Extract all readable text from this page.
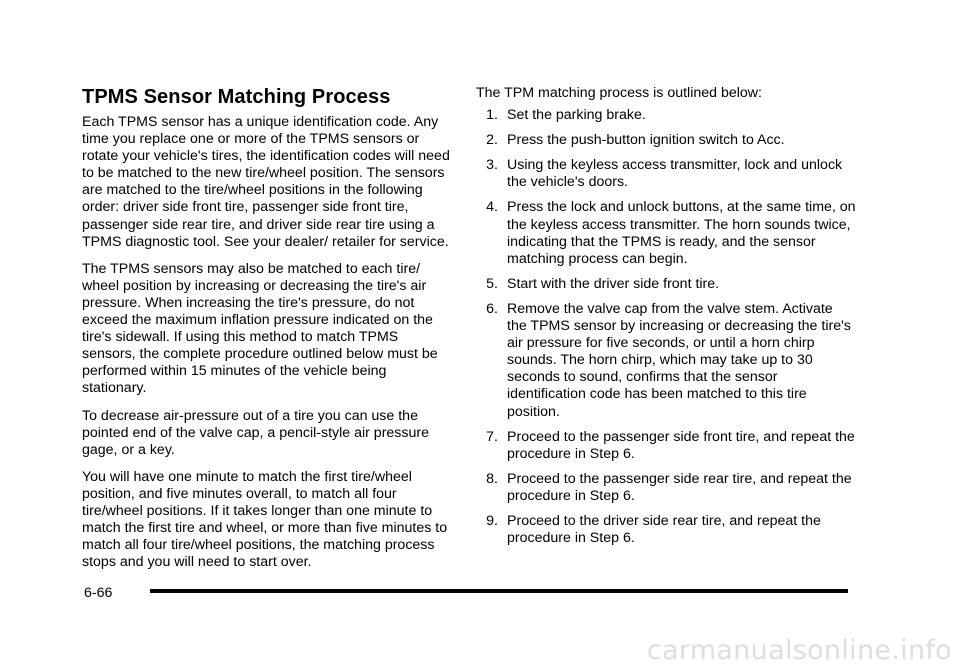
TPMS Sensor Matching Process

Each TPMS sensor has a unique identification code. Any time you replace one or more of the TPMS sensors or rotate your vehicle's tires, the identification codes will need to be matched to the new tire/wheel position. The sensors are matched to the tire/wheel positions in the following order: driver side front tire, passenger side front tire, passenger side rear tire, and driver side rear tire using a TPMS diagnostic tool. See your dealer/ retailer for service.

The TPMS sensors may also be matched to each tire/ wheel position by increasing or decreasing the tire's air pressure. When increasing the tire's pressure, do not exceed the maximum inflation pressure indicated on the tire's sidewall. If using this method to match TPMS sensors, the complete procedure outlined below must be performed within 15 minutes of the vehicle being stationary.

To decrease air-pressure out of a tire you can use the pointed end of the valve cap, a pencil-style air pressure gage, or a key.

You will have one minute to match the first tire/wheel position, and five minutes overall, to match all four tire/wheel positions. If it takes longer than one minute to match the first tire and wheel, or more than five minutes to match all four tire/wheel positions, the matching process stops and you will need to start over.

The TPM matching process is outlined below:
1. Set the parking brake.
2. Press the push-button ignition switch to Acc.
3. Using the keyless access transmitter, lock and unlock the vehicle's doors.
4. Press the lock and unlock buttons, at the same time, on the keyless access transmitter. The horn sounds twice, indicating that the TPMS is ready, and the sensor matching process can begin.
5. Start with the driver side front tire.
6. Remove the valve cap from the valve stem. Activate the TPMS sensor by increasing or decreasing the tire's air pressure for five seconds, or until a horn chirp sounds. The horn chirp, which may take up to 30 seconds to sound, confirms that the sensor identification code has been matched to this tire position.
7. Proceed to the passenger side front tire, and repeat the procedure in Step 6.
8. Proceed to the passenger side rear tire, and repeat the procedure in Step 6.
9. Proceed to the driver side rear tire, and repeat the procedure in Step 6.
6-66
carmanualsonline.info
